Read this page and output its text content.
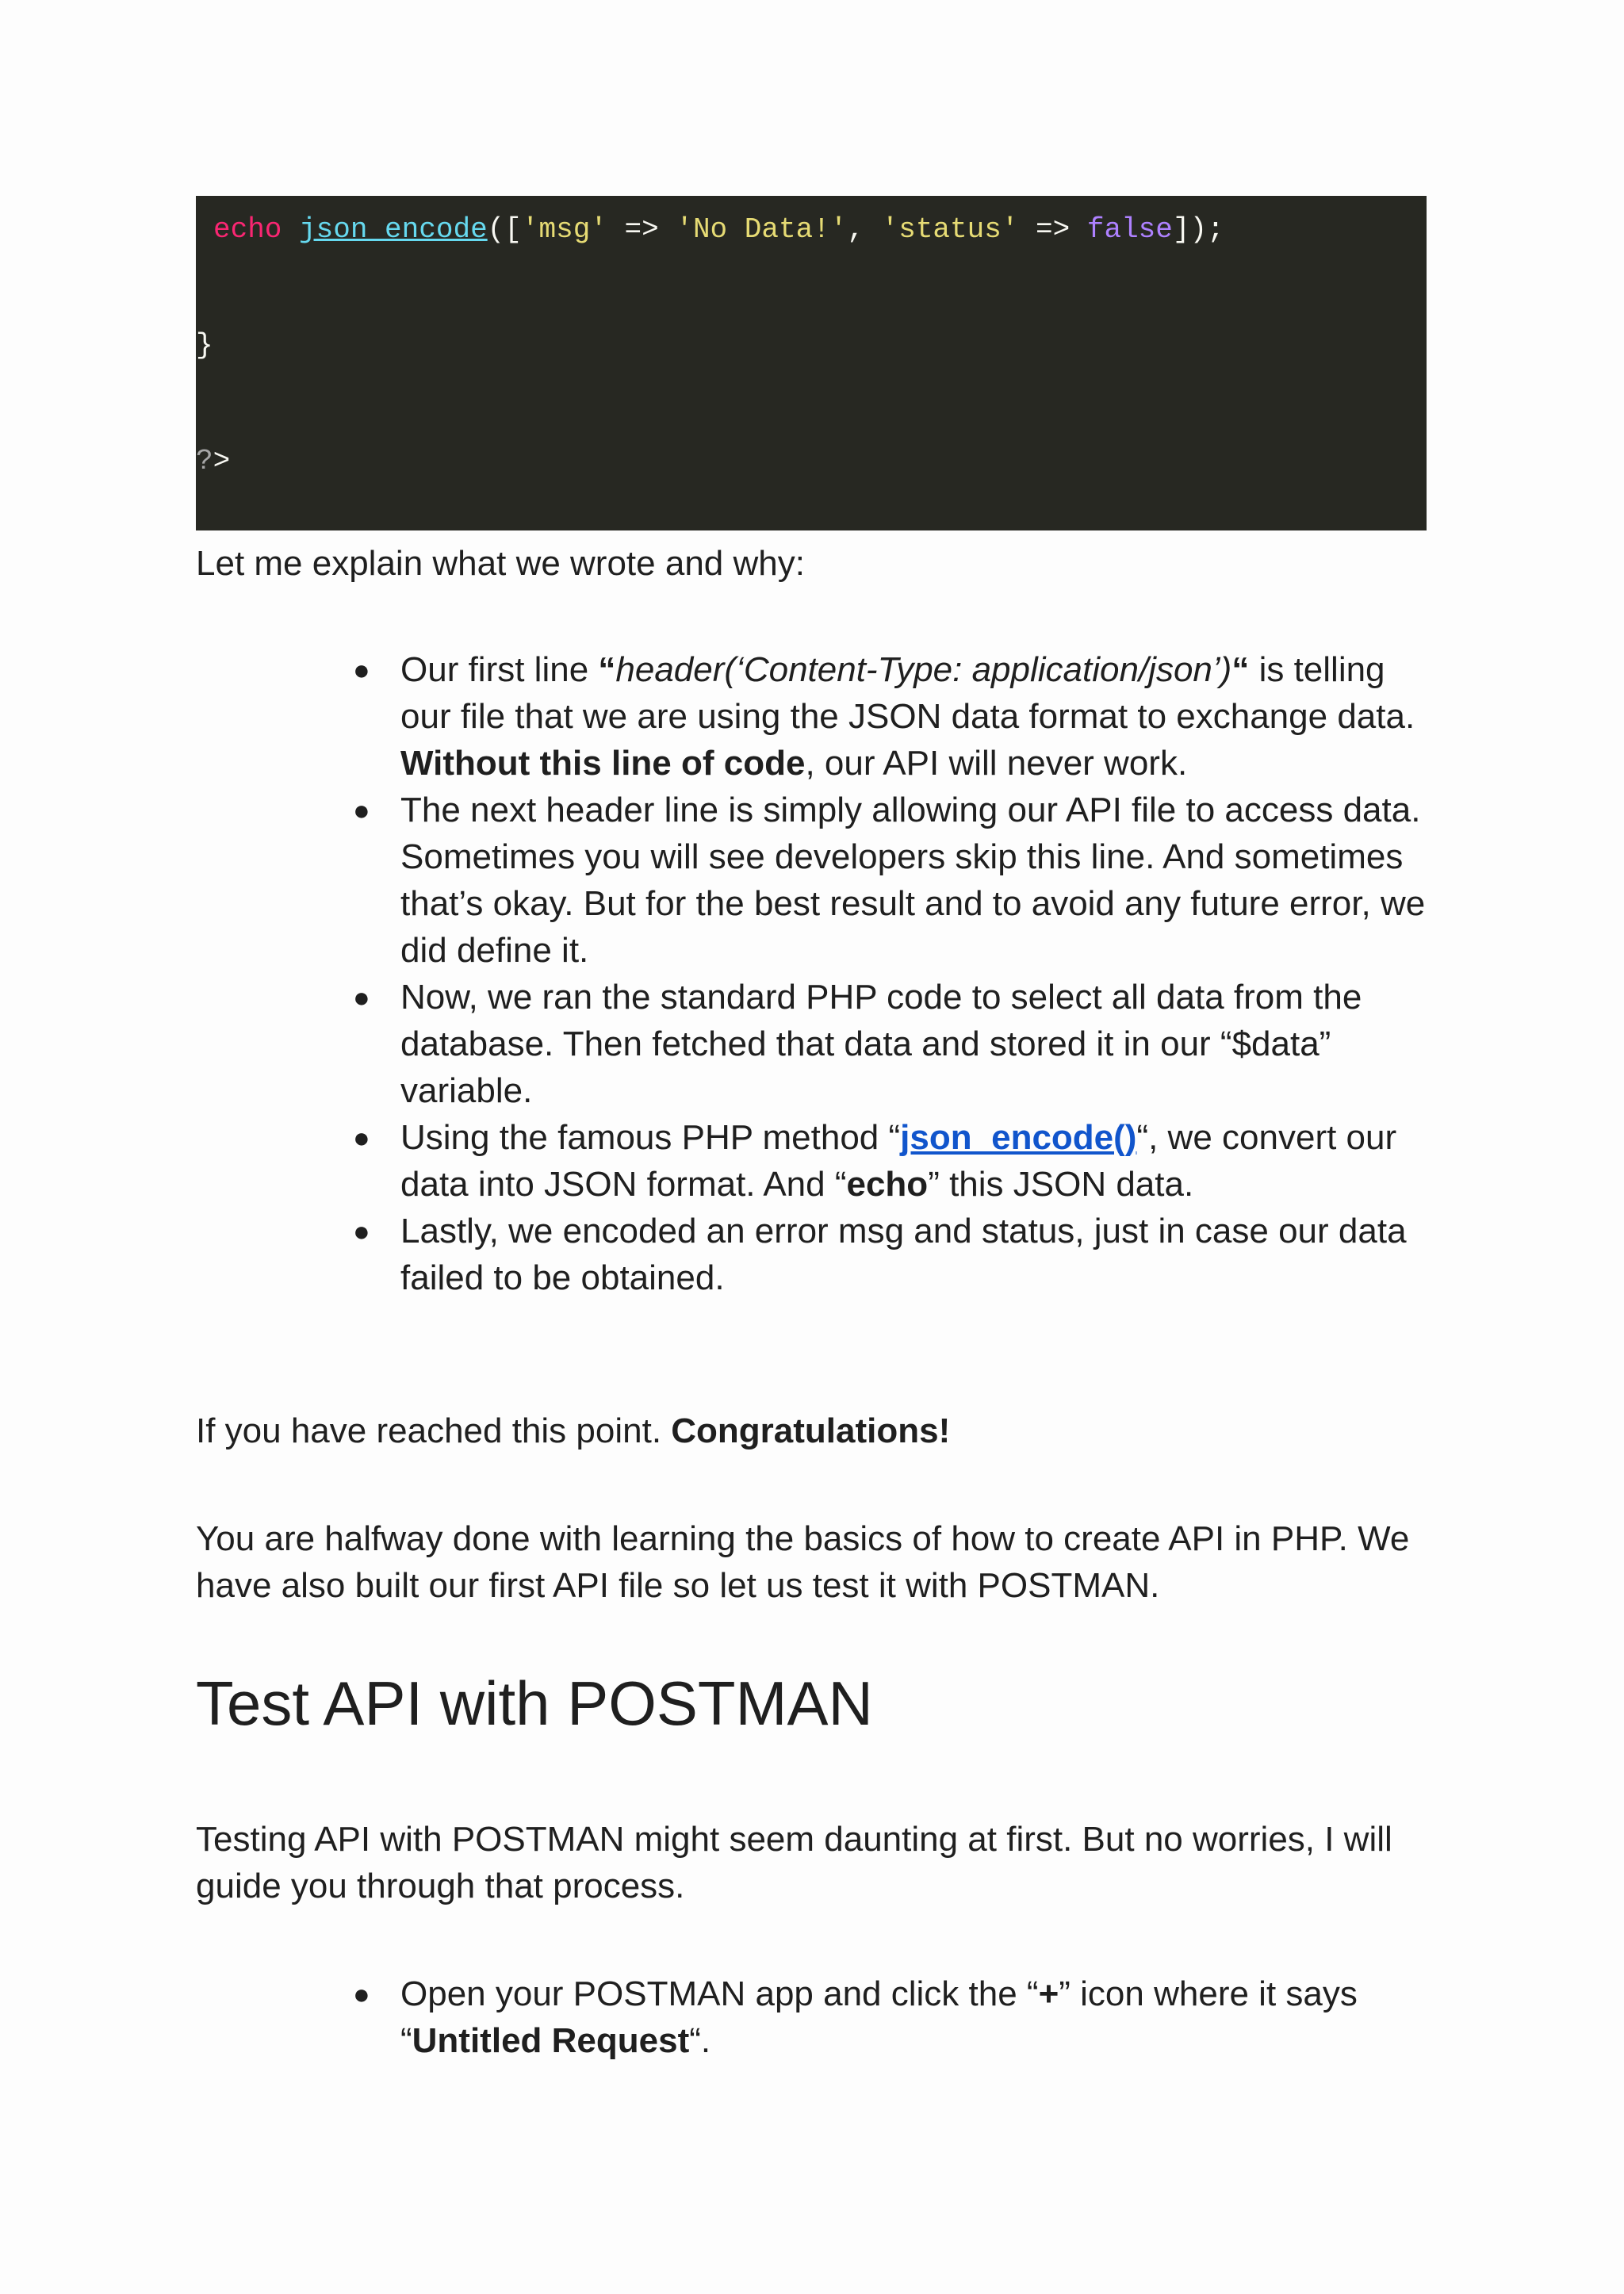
echo json_encode(['msg' => 'No Data!', 'status' => false]);
}
?>

Let me explain what we wrote and why:

● Our first line “header(‘Content-Type: application/json’)“ is telling our file that we are using the JSON data format to exchange data. Without this line of code, our API will never work.
● The next header line is simply allowing our API file to access data. Sometimes you will see developers skip this line. And sometimes that’s okay. But for the best result and to avoid any future error, we did define it.
● Now, we ran the standard PHP code to select all data from the database. Then fetched that data and stored it in our “$data” variable.
● Using the famous PHP method “json_encode()“, we convert our data into JSON format. And “echo” this JSON data.
● Lastly, we encoded an error msg and status, just in case our data failed to be obtained.

If you have reached this point. Congratulations!

You are halfway done with learning the basics of how to create API in PHP. We have also built our first API file so let us test it with POSTMAN.

Test API with POSTMAN

Testing API with POSTMAN might seem daunting at first. But no worries, I will guide you through that process.

● Open your POSTMAN app and click the “+” icon where it says “Untitled Request“.
